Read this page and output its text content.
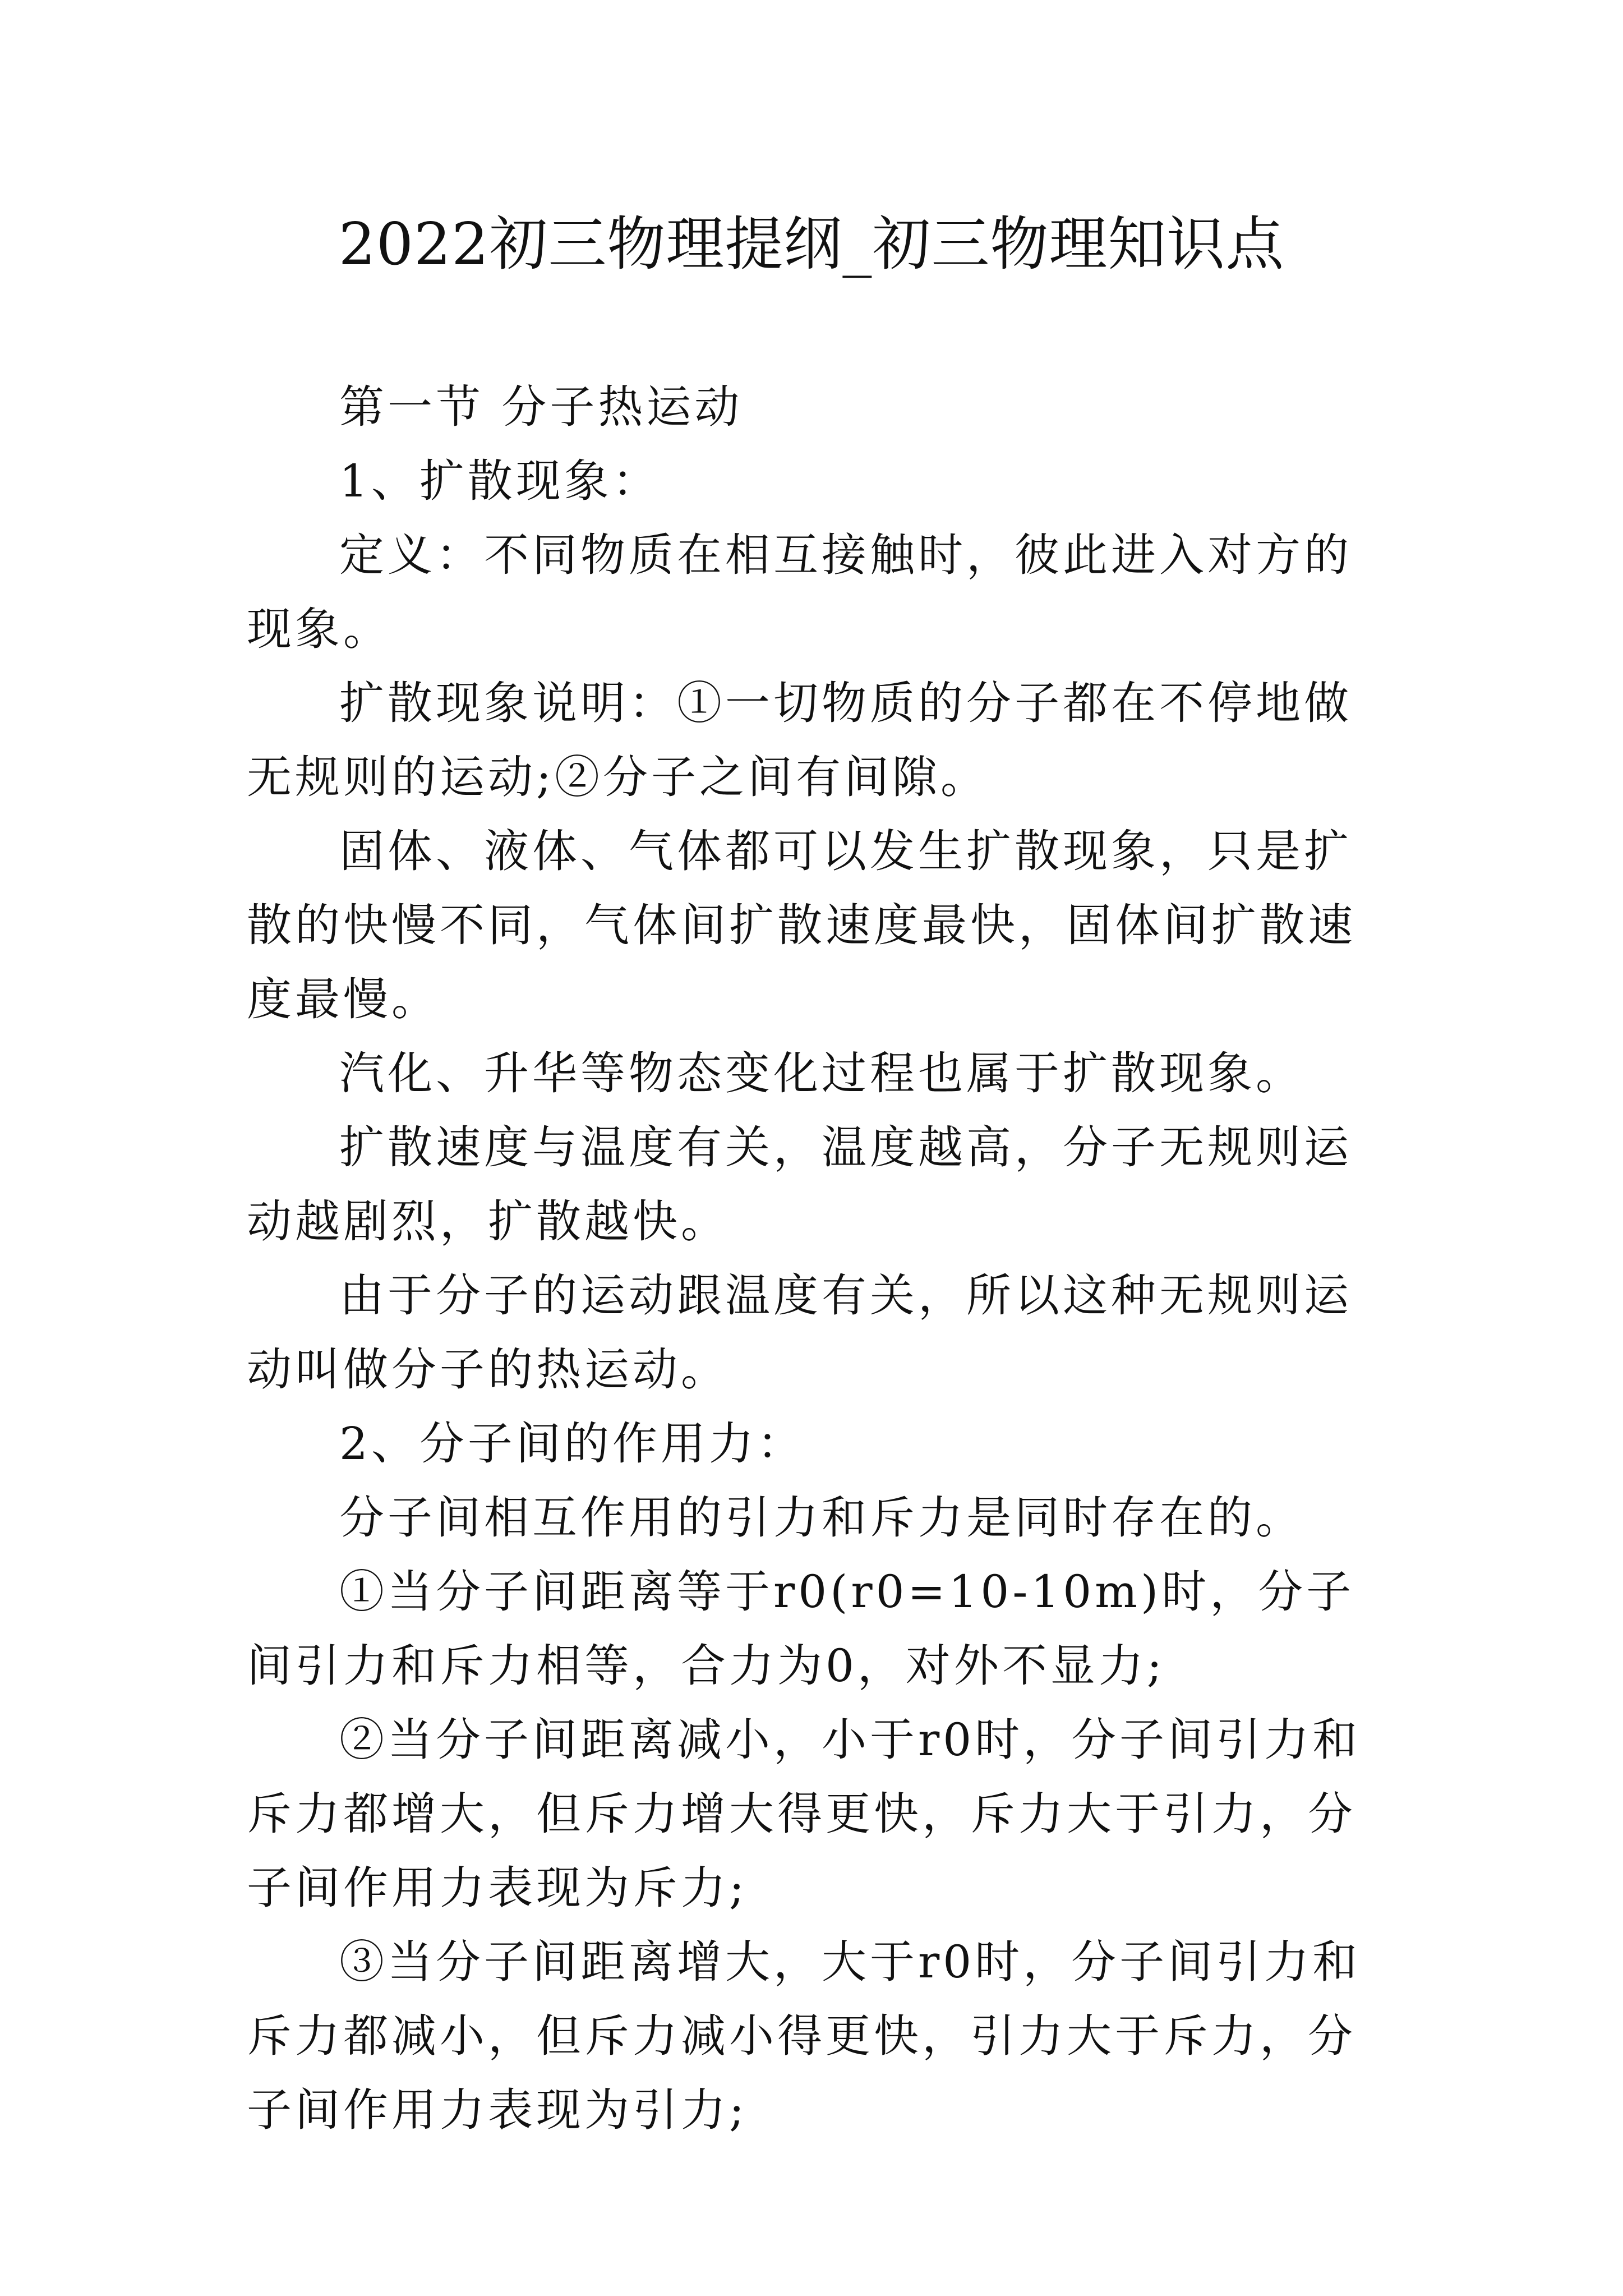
2022初三物理提纲_初三物理知识点

第一节 分子热运动

1、扩散现象：

定义：不同物质在相互接触时，彼此进入对方的现象。

扩散现象说明：①一切物质的分子都在不停地做无规则的运动;②分子之间有间隙。

固体、液体、气体都可以发生扩散现象，只是扩散的快慢不同，气体间扩散速度最快，固体间扩散速度最慢。

汽化、升华等物态变化过程也属于扩散现象。

扩散速度与温度有关，温度越高，分子无规则运动越剧烈，扩散越快。

由于分子的运动跟温度有关，所以这种无规则运动叫做分子的热运动。

2、分子间的作用力：

分子间相互作用的引力和斥力是同时存在的。

①当分子间距离等于r0(r0=10-10m)时，分子间引力和斥力相等，合力为0，对外不显力;

②当分子间距离减小，小于r0时，分子间引力和斥力都增大，但斥力增大得更快，斥力大于引力，分子间作用力表现为斥力;

③当分子间距离增大，大于r0时，分子间引力和斥力都减小，但斥力减小得更快，引力大于斥力，分子间作用力表现为引力;
